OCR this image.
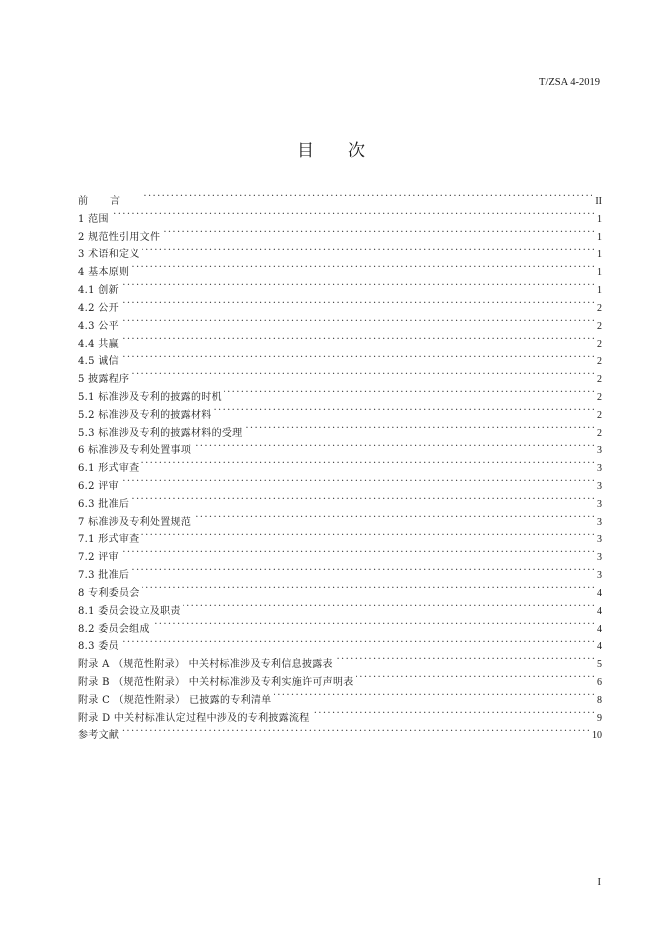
T/ZSA 4-2019
目次
前言 . . .	II
1 范围 . . .	1
2 规范性引用文件 . . .	1
3 术语和定义 . . .	1
4 基本原则 . . .	1
4.1 创新 . . .	1
4.2 公开 . . .	2
4.3 公平 . . .	2
4.4 共赢 . . .	2
4.5 诚信 . . .	2
5 披露程序 . . .	2
5.1 标准涉及专利的披露的时机 . . .	2
5.2 标准涉及专利的披露材料 . . .	2
5.3 标准涉及专利的披露材料的受理 . . .	2
6 标准涉及专利处置事项 . . .	3
6.1 形式审查 . . .	3
6.2 评审 . . .	3
6.3 批准后 . . .	3
7 标准涉及专利处置规范 . . .	3
7.1 形式审查 . . .	3
7.2 评审 . . .	3
7.3 批准后 . . .	3
8 专利委员会 . . .	4
8.1 委员会设立及职责 . . .	4
8.2 委员会组成 . . .	4
8.3 委员 . . .	4
附录 A （规范性附录） 中关村标准涉及专利信息披露表 . . .	5
附录 B （规范性附录） 中关村标准涉及专利实施许可声明表 . . .	6
附录 C （规范性附录） 已披露的专利清单 . . .	8
附录 D 中关村标准认定过程中涉及的专利披露流程 . . .	9
参考文献 . . .	10
I
